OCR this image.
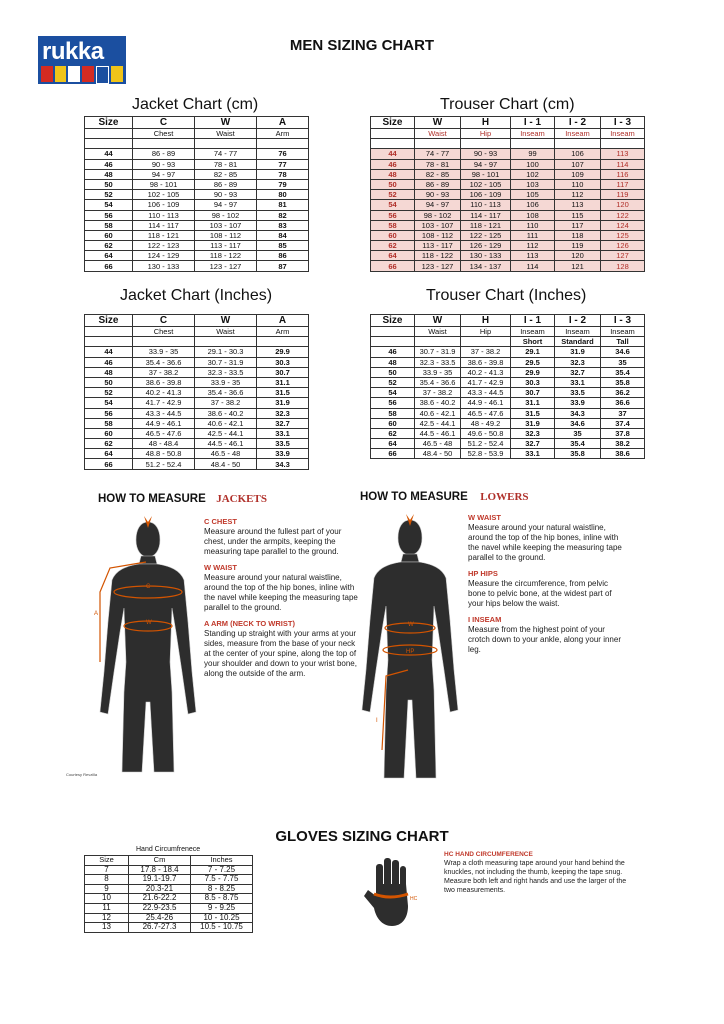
rukka	MEN SIZING CHART
Jacket Chart (cm)	Trouser Chart (cm)
Jacket Chart (Inches)	Trouser Chart (Inches)
Size	C	W	A
	Chest	Waist	Arm

44	86 - 89	74 - 77	76
46	90 - 93	78 - 81	77
48	94 - 97	82 - 85	78
50	98 - 101	86 - 89	79
52	102 - 105	90 - 93	80
54	106 - 109	94 - 97	81
56	110 - 113	98 - 102	82
58	114 - 117	103 - 107	83
60	118 - 121	108 - 112	84
62	122 - 123	113 - 117	85
64	124 - 129	118 - 122	86
66	130 - 133	123 - 127	87
Size	W	H	I - 1	I - 2	I - 3
	Waist	Hip	Inseam	Inseam	Inseam

44	74 - 77	90 - 93	99	106	113
46	78 - 81	94 - 97	100	107	114
48	82 - 85	98 - 101	102	109	116
50	86 - 89	102 - 105	103	110	117
52	90 - 93	106 - 109	105	112	119
54	94 - 97	110 - 113	106	113	120
56	98 - 102	114 - 117	108	115	122
58	103 - 107	118 - 121	110	117	124
60	108 - 112	122 - 125	111	118	125
62	113 - 117	126 - 129	112	119	126
64	118 - 122	130 - 133	113	120	127
66	123 - 127	134 - 137	114	121	128
Size	C	W	A
	Chest	Waist	Arm

44	33.9 - 35	29.1 - 30.3	29.9
46	35.4 - 36.6	30.7 - 31.9	30.3
48	37 - 38.2	32.3 - 33.5	30.7
50	38.6 - 39.8	33.9 - 35	31.1
52	40.2 - 41.3	35.4 - 36.6	31.5
54	41.7 - 42.9	37 - 38.2	31.9
56	43.3 - 44.5	38.6 - 40.2	32.3
58	44.9 - 46.1	40.6 - 42.1	32.7
60	46.5 - 47.6	42.5 - 44.1	33.1
62	48 - 48.4	44.5 - 46.1	33.5
64	48.8 - 50.8	46.5 - 48	33.9
66	51.2 - 52.4	48.4 - 50	34.3
Size	W	H	I - 1	I - 2	I - 3
	Waist	Hip	Inseam	Inseam	Inseam
			Short	Standard	Tall
46	30.7 - 31.9	37 - 38.2	29.1	31.9	34.6
48	32.3 - 33.5	38.6 - 39.8	29.5	32.3	35
50	33.9 - 35	40.2 - 41.3	29.9	32.7	35.4
52	35.4 - 36.6	41.7 - 42.9	30.3	33.1	35.8
54	37 - 38.2	43.3 - 44.5	30.7	33.5	36.2
56	38.6 - 40.2	44.9 - 46.1	31.1	33.9	36.6
58	40.6 - 42.1	46.5 - 47.6	31.5	34.3	37
60	42.5 - 44.1	48 - 49.2	31.9	34.6	37.4
62	44.5 - 46.1	49.6 - 50.8	32.3	35	37.8
64	46.5 - 48	51.2 - 52.4	32.7	35.4	38.2
66	48.4 - 50	52.8 - 53.9	33.1	35.8	38.6
HOW TO MEASURE JACKETS
C
W
A
Courtesy Revzilla

C CHEST
Measure around the fullest part of your chest, under the armpits, keeping the measuring tape parallel to the ground.

W WAIST
Measure around your natural waistline, around the top of the hip bones, inline with the navel while keeping the measuring tape parallel to the ground.

A ARM (NECK TO WRIST)
Standing up straight with your arms at your sides, measure from the base of your neck at the center of your spine, along the top of your shoulder and down to your wrist bone, along the outside of the arm.

HOW TO MEASURE LOWERS
W
HP
I

W WAIST
Measure around your natural waistline, around the top of the hip bones, inline with the navel while keeping the measuring tape parallel to the ground.

HP HIPS
Measure the circumference, from pelvic bone to pelvic bone, at the widest part of your hips below the waist.

I INSEAM
Measure from the highest point of your crotch down to your ankle, along your inner leg.

GLOVES SIZING CHART
Hand Circumfrenece
Size	Cm	Inches
7	17.8 - 18.4	7 - 7.25
8	19.1-19.7	7.5 - 7.75
9	20.3-21	8 - 8.25
10	21.6-22.2	8.5 - 8.75
11	22.9-23.5	9 - 9.25
12	25.4-26	10 - 10.25
13	26.7-27.3	10.5 - 10.75
HC
HC HAND CIRCUMFERENCE
Wrap a cloth measuring tape around your hand behind the knuckles, not including the thumb, keeping the tape snug. Measure both left and right hands and use the larger of the two measurements.
